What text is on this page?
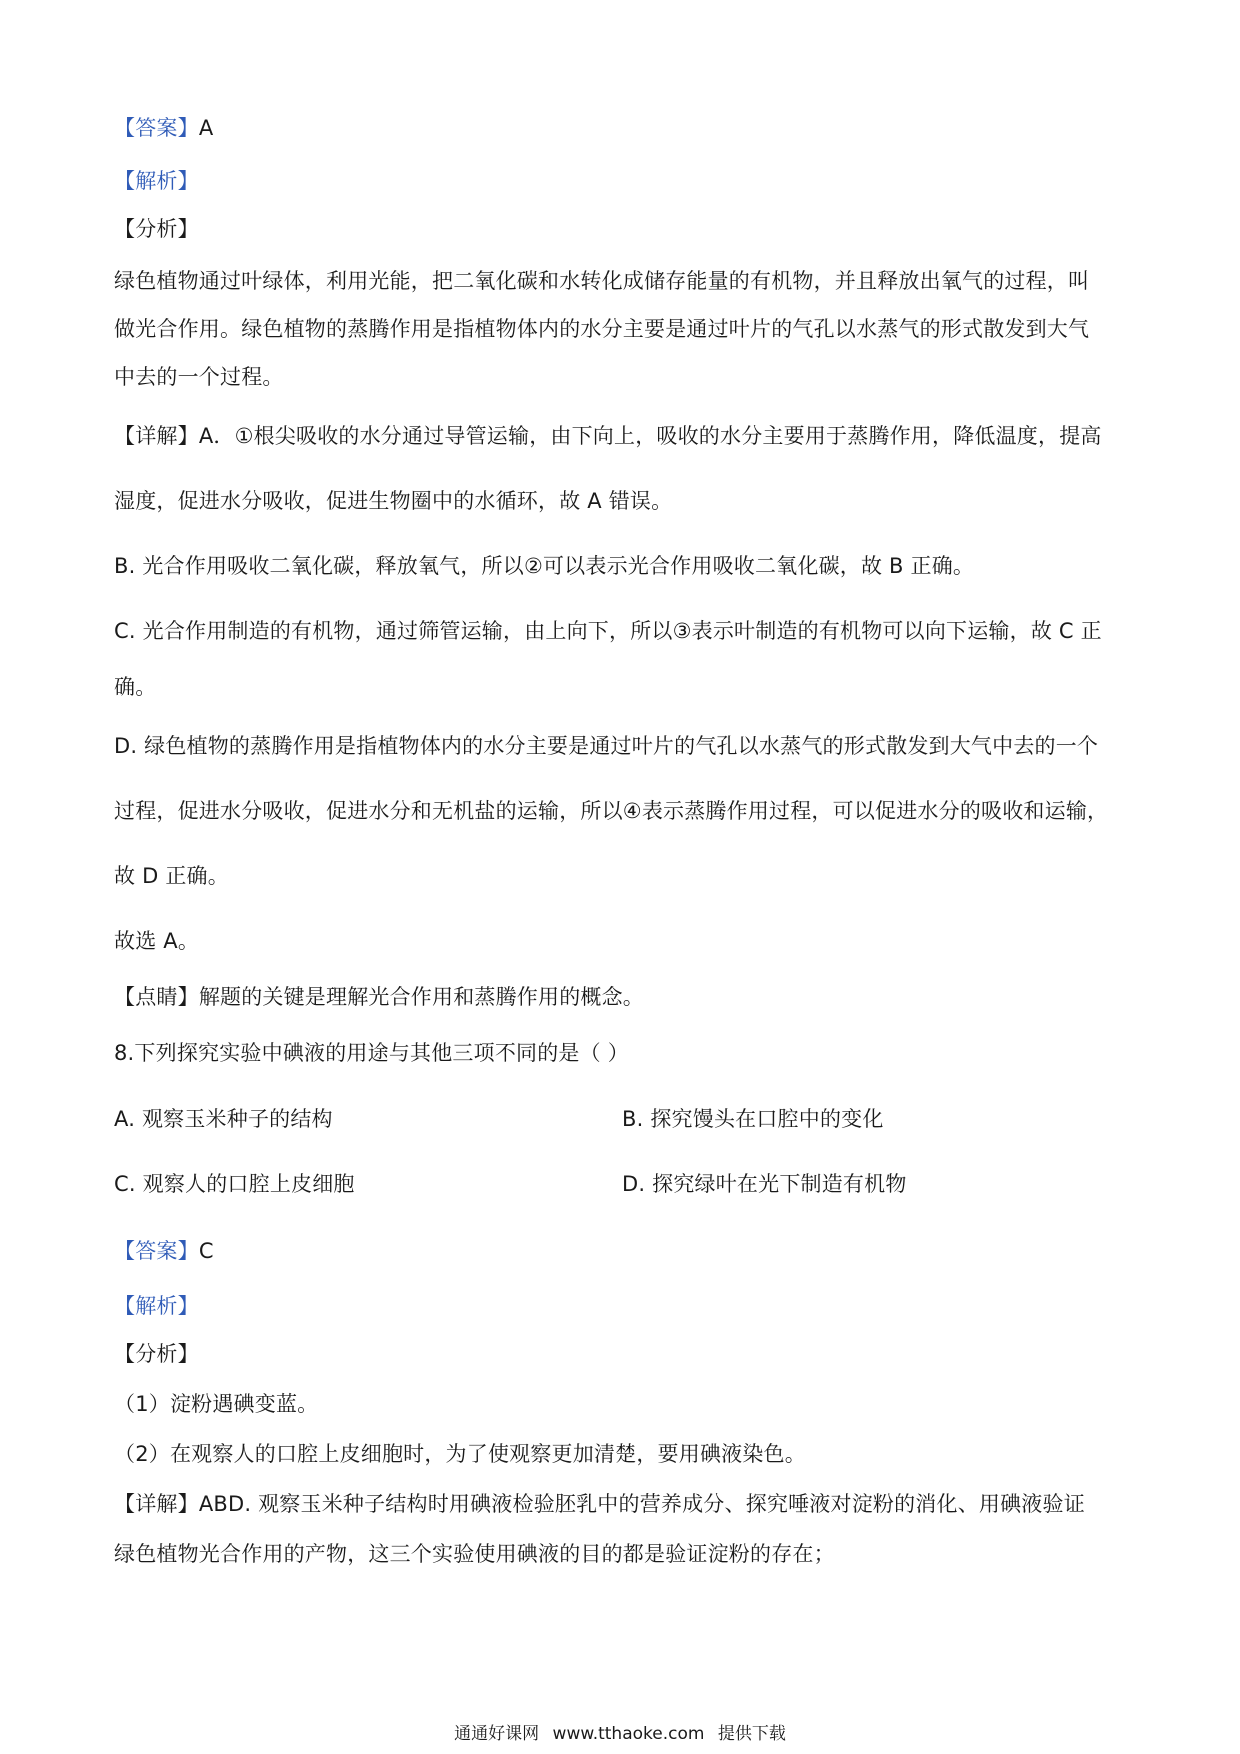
【答案】A
【解析】
【分析】
绿色植物通过叶绿体，利用光能，把二氧化碳和水转化成储存能量的有机物，并且释放出氧气的过程，叫
做光合作用。绿色植物的蒸腾作用是指植物体内的水分主要是通过叶片的气孔以水蒸气的形式散发到大气
中去的一个过程。
【详解】A．①根尖吸收的水分通过导管运输，由下向上，吸收的水分主要用于蒸腾作用，降低温度，提高
湿度，促进水分吸收，促进生物圈中的水循环，故 A 错误。
B. 光合作用吸收二氧化碳，释放氧气，所以②可以表示光合作用吸收二氧化碳，故 B 正确。
C. 光合作用制造的有机物，通过筛管运输，由上向下，所以③表示叶制造的有机物可以向下运输，故 C 正
确。
D. 绿色植物的蒸腾作用是指植物体内的水分主要是通过叶片的气孔以水蒸气的形式散发到大气中去的一个
过程，促进水分吸收，促进水分和无机盐的运输，所以④表示蒸腾作用过程，可以促进水分的吸收和运输，
故 D 正确。
故选 A。
【点睛】解题的关键是理解光合作用和蒸腾作用的概念。
8.下列探究实验中碘液的用途与其他三项不同的是（ ）
A. 观察玉米种子的结构	B. 探究馒头在口腔中的变化
C. 观察人的口腔上皮细胞	D. 探究绿叶在光下制造有机物
【答案】C
【解析】
【分析】
（1）淀粉遇碘变蓝。
（2）在观察人的口腔上皮细胞时，为了使观察更加清楚，要用碘液染色。
【详解】ABD. 观察玉米种子结构时用碘液检验胚乳中的营养成分、探究唾液对淀粉的消化、用碘液验证
绿色植物光合作用的产物，这三个实验使用碘液的目的都是验证淀粉的存在；
通通好课网 www.tthaoke.com 提供下载
